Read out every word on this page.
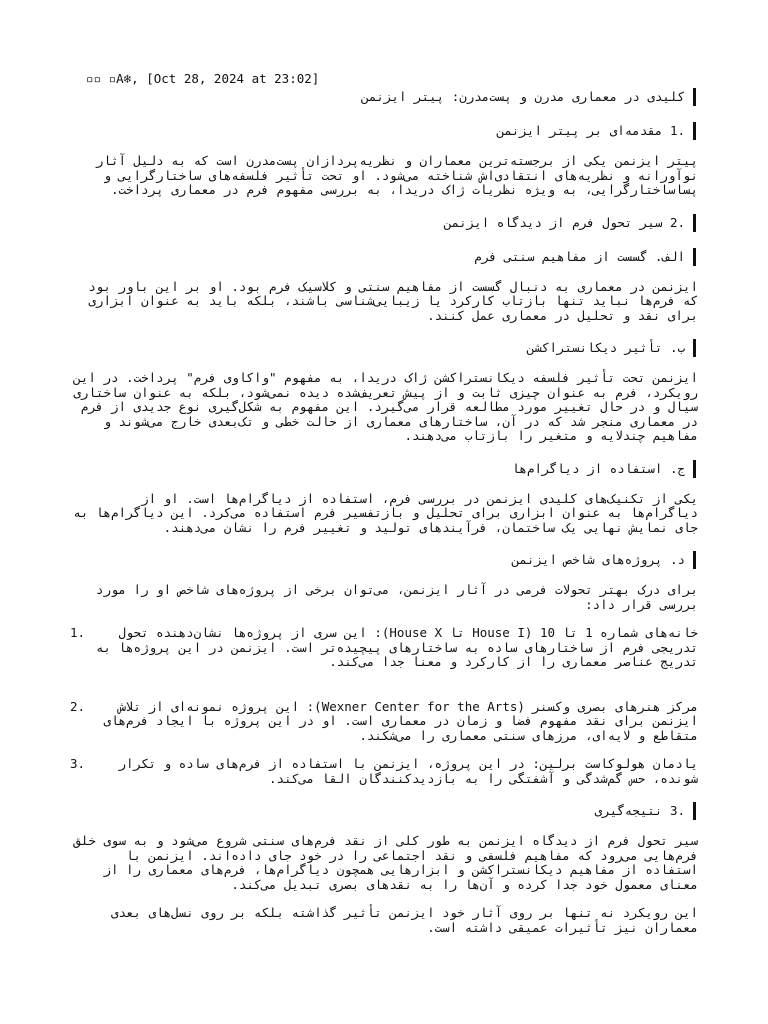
▫▫ ▫A❄, [Oct 28, 2024 at 23:02]
کلیدی در معماری مدرن و پست‌مدرن: پیتر ایزنمن
1. مقدمه‌ای بر پیتر ایزنمن
پیتر ایزنمن یکی از برجسته‌ترین معماران و نظریه‌پردازان پست‌مدرن است که به دلیل آثار نوآورانه و نظریه‌های انتقادی‌اش شناخته می‌شود. او تحت تأثیر فلسفه‌های ساختارگرایی و پساساختارگرایی، به ویژه نظریات ژاک دریدا، به بررسی مفهوم فرم در معماری پرداخت.
2. سیر تحول فرم از دیدگاه ایزنمن
الف. گسست از مفاهیم سنتی فرم
ایزنمن در معماری به دنبال گسست از مفاهیم سنتی و کلاسیک فرم بود. او بر این باور بود که فرم‌ها نباید تنها بازتاب کارکرد یا زیبایی‌شناسی باشند، بلکه باید به عنوان ابزاری برای نقد و تحلیل در معماری عمل کنند.
ب. تأثیر دیکانستراکشن
ایزنمن تحت تأثیر فلسفه دیکانستراکشن ژاک دریدا، به مفهوم "واکاوی فرم" پرداخت. در این رویکرد، فرم به عنوان چیزی ثابت و از پیش تعریف‌شده دیده نمی‌شود، بلکه به عنوان ساختاری سیال و در حال تغییر مورد مطالعه قرار می‌گیرد. این مفهوم به شکل‌گیری نوع جدیدی از فرم در معماری منجر شد که در آن، ساختارهای معماری از حالت خطی و تک‌بعدی خارج می‌شوند و مفاهیم چندلایه و متغیر را بازتاب می‌دهند.
ج. استفاده از دیاگرام‌ها
یکی از تکنیک‌های کلیدی ایزنمن در بررسی فرم، استفاده از دیاگرام‌ها است. او از دیاگرام‌ها به عنوان ابزاری برای تحلیل و بازتفسیر فرم استفاده می‌کرد. این دیاگرام‌ها به جای نمایش نهایی یک ساختمان، فرآیندهای تولید و تغییر فرم را نشان می‌دهند.
د. پروژه‌های شاخص ایزنمن
برای درک بهتر تحولات فرمی در آثار ایزنمن، می‌توان برخی از پروژه‌های شاخص او را مورد بررسی قرار داد:
1.	خانه‌های شماره 1 تا 10 (House I تا House X): این سری از پروژه‌ها نشان‌دهنده تحول تدریجی فرم از ساختارهای ساده به ساختارهای پیچیده‌تر است. ایزنمن در این پروژه‌ها به تدریج عناصر معماری را از کارکرد و معنا جدا می‌کند.
2.	مرکز هنرهای بصری وکسنر (Wexner Center for the Arts): این پروژه نمونه‌ای از تلاش ایزنمن برای نقد مفهوم فضا و زمان در معماری است. او در این پروژه با ایجاد فرم‌های متقاطع و لایه‌ای، مرزهای سنتی معماری را می‌شکند.
3.	یادمان هولوکاست برلین: در این پروژه، ایزنمن با استفاده از فرم‌های ساده و تکرار شونده، حس گم‌شدگی و آشفتگی را به بازدیدکنندگان القا می‌کند.
3. نتیجه‌گیری
سیر تحول فرم از دیدگاه ایزنمن به طور کلی از نقد فرم‌های سنتی شروع می‌شود و به سوی خلق فرم‌هایی می‌رود که مفاهیم فلسفی و نقد اجتماعی را در خود جای داده‌اند. ایزنمن با استفاده از مفاهیم دیکانستراکشن و ابزارهایی همچون دیاگرام‌ها، فرم‌های معماری را از معنای معمول خود جدا کرده و آن‌ها را به نقدهای بصری تبدیل می‌کند.
این رویکرد نه تنها بر روی آثار خود ایزنمن تأثیر گذاشته بلکه بر روی نسل‌های بعدی معماران نیز تأثیرات عمیقی داشته است.
